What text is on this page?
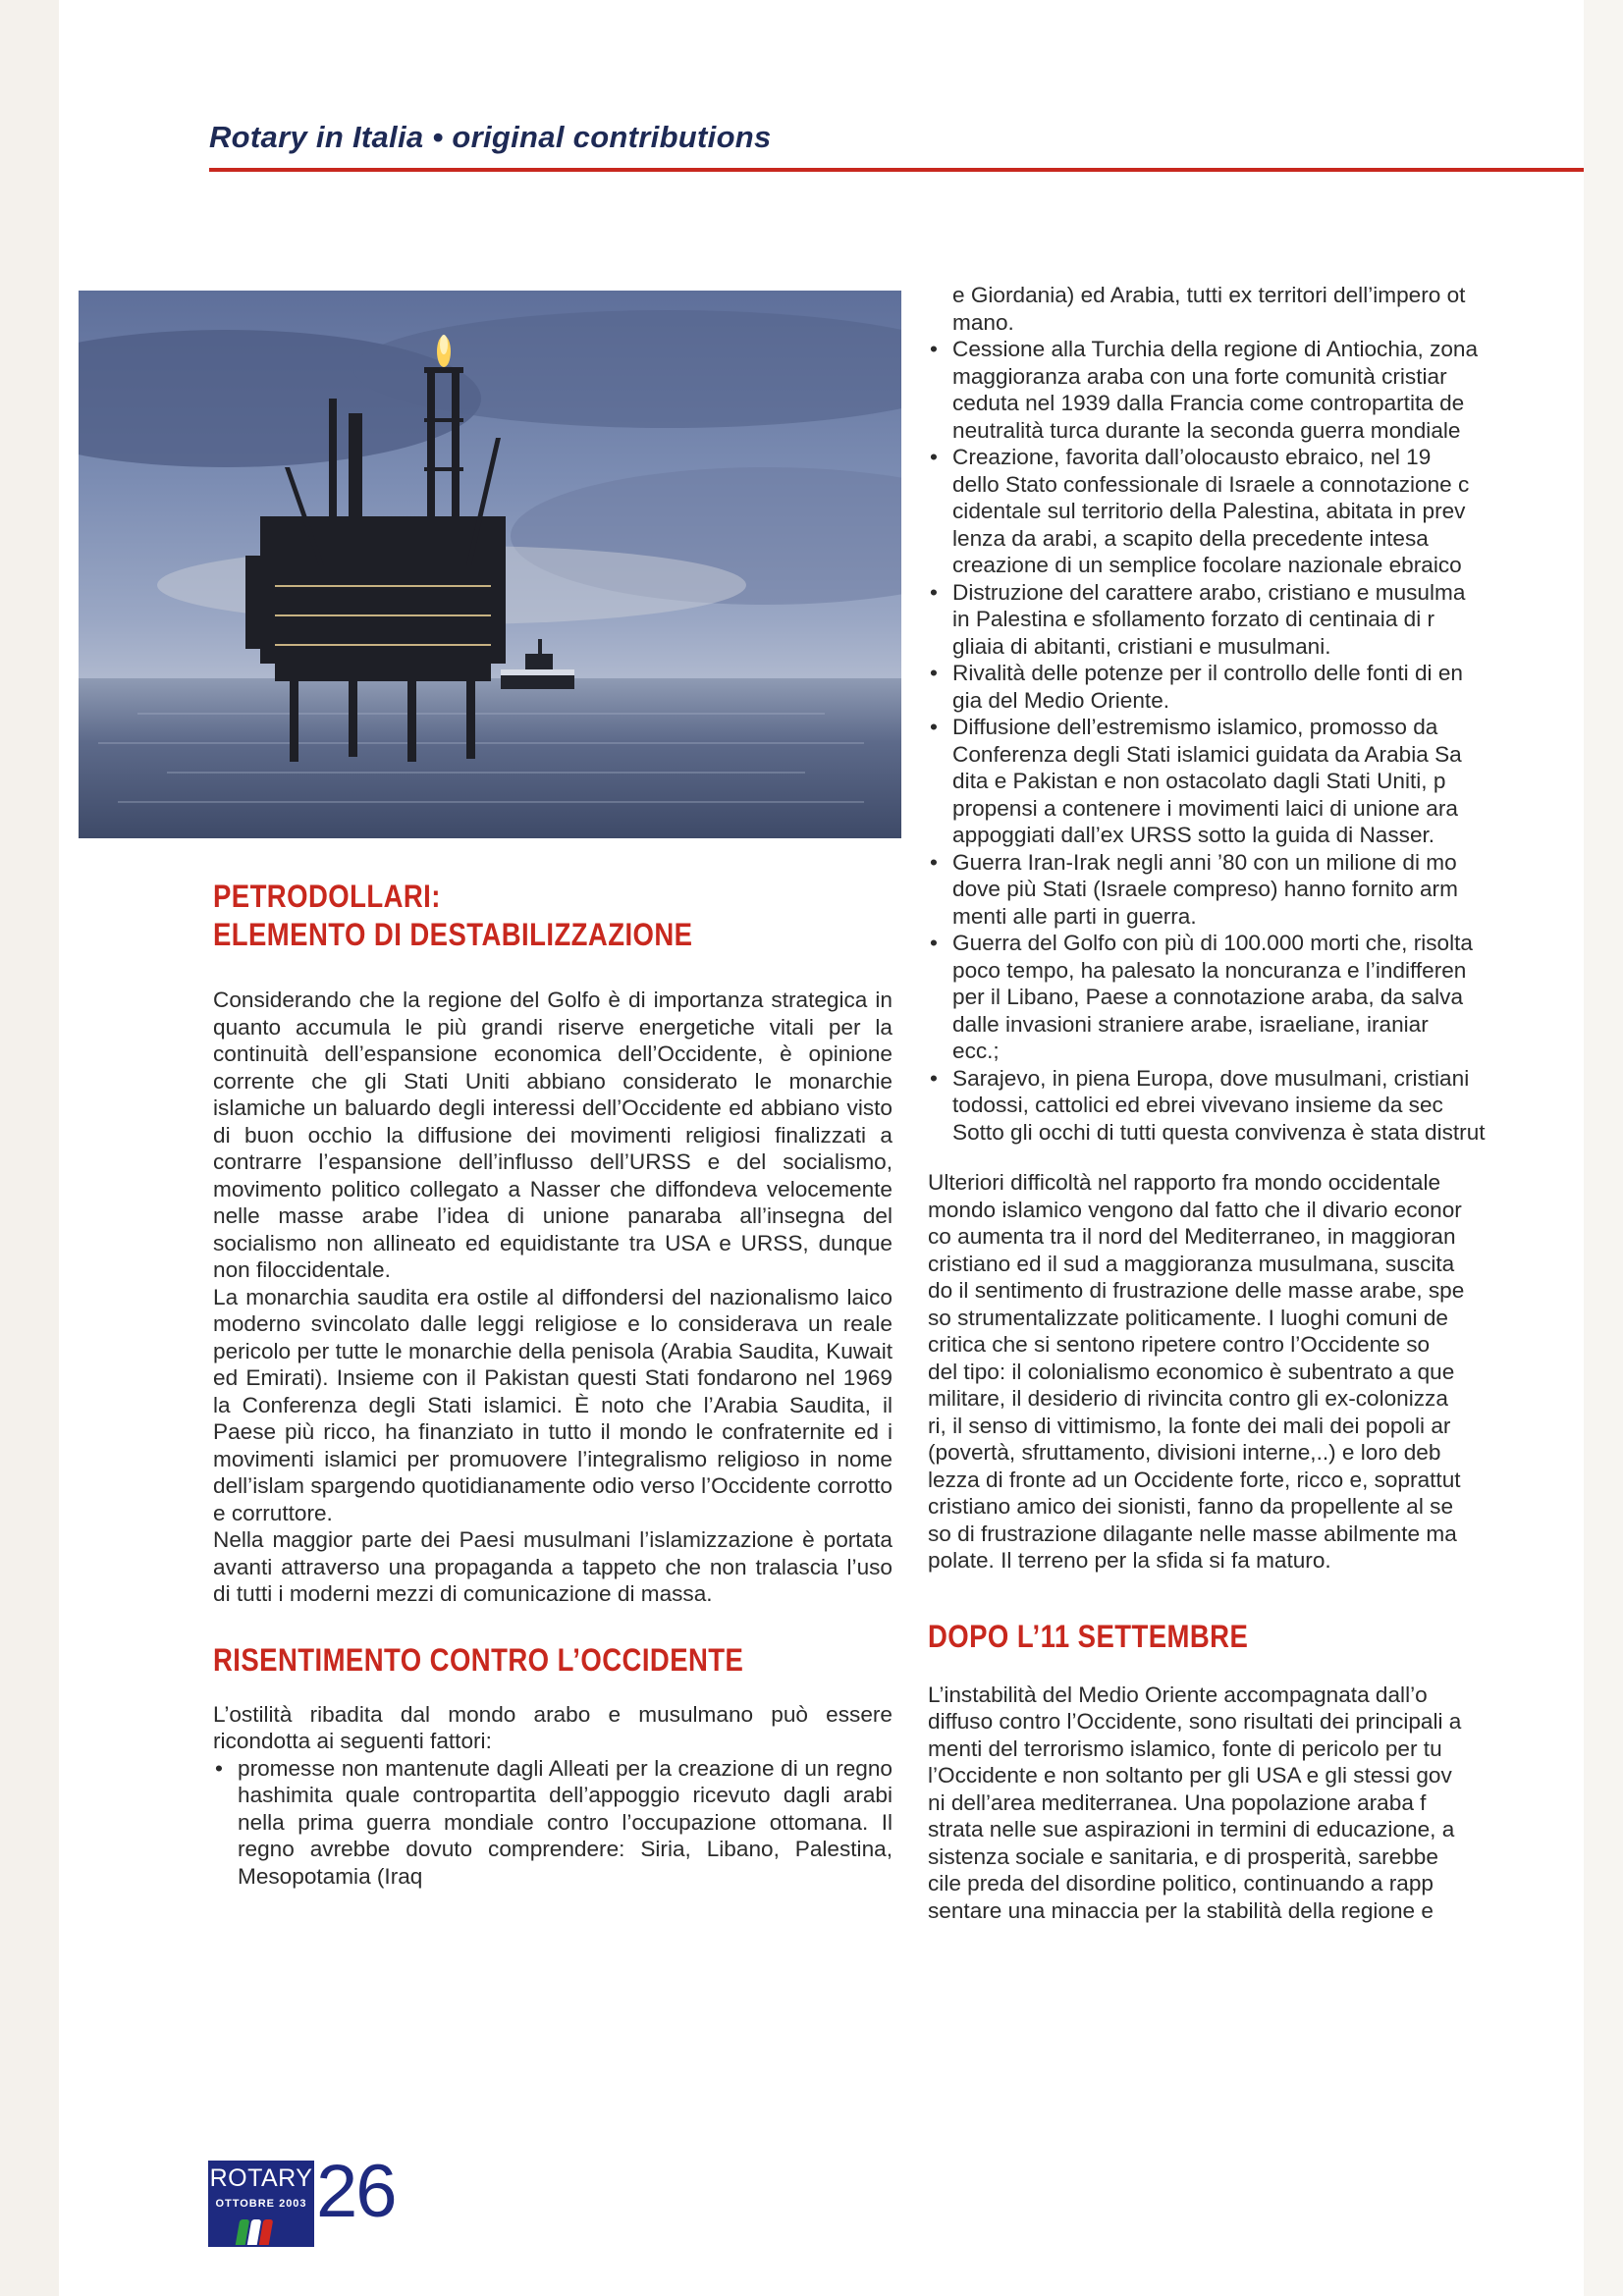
Rotary in Italia • original contributions
PETRODOLLARI:
ELEMENTO DI DESTABILIZZAZIONE

Considerando che la regione del Golfo è di importanza strategica in quanto accumula le più grandi riserve energetiche vitali per la continuità dell’espansione economica dell’Occidente, è opinione corrente che gli Stati Uniti abbiano considerato le monarchie islamiche un baluardo degli interessi dell’Occidente ed abbiano visto di buon occhio la diffusione dei movimenti religiosi finalizzati a contrarre l’espansione dell’influsso dell’URSS e del socialismo, movimento politico collegato a Nasser che diffondeva velocemente nelle masse arabe l’idea di unione panaraba all’insegna del socialismo non allineato ed equidistante tra USA e URSS, dunque non filoccidentale.

La monarchia saudita era ostile al diffondersi del nazionalismo laico moderno svincolato dalle leggi religiose e lo considerava un reale pericolo per tutte le monarchie della penisola (Arabia Saudita, Kuwait ed Emirati). Insieme con il Pakistan questi Stati fondarono nel 1969 la Conferenza degli Stati islamici. È noto che l’Arabia Saudita, il Paese più ricco, ha finanziato in tutto il mondo le confraternite ed i movimenti islamici per promuovere l’integralismo religioso in nome dell’islam spargendo quotidianamente odio verso l’Occidente corrotto e corruttore.

Nella maggior parte dei Paesi musulmani l’islamizzazione è portata avanti attraverso una propaganda a tappeto che non tralascia l’uso di tutti i moderni mezzi di comunicazione di massa.

RISENTIMENTO CONTRO L’OCCIDENTE

L’ostilità ribadita dal mondo arabo e musulmano può essere ricondotta ai seguenti fattori:

• promesse non mantenute dagli Alleati per la creazione di un regno hashimita quale contropartita dell’appoggio ricevuto dagli arabi nella prima guerra mondiale contro l’occupazione ottomana. Il regno avrebbe dovuto comprendere: Siria, Libano, Palestina, Mesopotamia (Iraq

e Giordania) ed Arabia, tutti ex territori dell’impero ot

mano.

• Cessione alla Turchia della regione di Antiochia, zona
maggioranza araba con una forte comunità cristiar
ceduta nel 1939 dalla Francia come contropartita de
neutralità turca durante la seconda guerra mondiale
• Creazione, favorita dall’olocausto ebraico, nel 19
dello Stato confessionale di Israele a connotazione c
cidentale sul territorio della Palestina, abitata in prev
lenza da arabi, a scapito della precedente intesa
creazione di un semplice focolare nazionale ebraico
• Distruzione del carattere arabo, cristiano e musulma
in Palestina e sfollamento forzato di centinaia di r
gliaia di abitanti, cristiani e musulmani.
• Rivalità delle potenze per il controllo delle fonti di en
gia del Medio Oriente.
• Diffusione dell’estremismo islamico, promosso da
Conferenza degli Stati islamici guidata da Arabia Sa
dita e Pakistan e non ostacolato dagli Stati Uniti, p
propensi a contenere i movimenti laici di unione ara
appoggiati dall’ex URSS sotto la guida di Nasser.
• Guerra Iran-Irak negli anni ’80 con un milione di mo
dove più Stati (Israele compreso) hanno fornito arm
menti alle parti in guerra.
• Guerra del Golfo con più di 100.000 morti che, risolta
poco tempo, ha palesato la noncuranza e l’indifferen
per il Libano, Paese a connotazione araba, da salva
dalle invasioni straniere arabe, israeliane, iraniar
ecc.;
• Sarajevo, in piena Europa, dove musulmani, cristiani
todossi, cattolici ed ebrei vivevano insieme da sec
Sotto gli occhi di tutti questa convivenza è stata distrut

Ulteriori difficoltà nel rapporto fra mondo occidentale

mondo islamico vengono dal fatto che il divario econor

co aumenta tra il nord del Mediterraneo, in maggioran

cristiano ed il sud a maggioranza musulmana, suscita

do il sentimento di frustrazione delle masse arabe, spe

so strumentalizzate politicamente. I luoghi comuni de

critica che si sentono ripetere contro l’Occidente so

del tipo: il colonialismo economico è subentrato a que

militare, il desiderio di rivincita contro gli ex-colonizza

ri, il senso di vittimismo, la fonte dei mali dei popoli ar

(povertà, sfruttamento, divisioni interne,..) e loro deb

lezza di fronte ad un Occidente forte, ricco e, soprattut

cristiano amico dei sionisti, fanno da propellente al se

so di frustrazione dilagante nelle masse abilmente ma

polate. Il terreno per la sfida si fa maturo.

DOPO L’11 SETTEMBRE

L’instabilità del Medio Oriente accompagnata dall’o

diffuso contro l’Occidente, sono risultati dei principali a

menti del terrorismo islamico, fonte di pericolo per tu

l’Occidente e non soltanto per gli USA e gli stessi gov

ni dell’area mediterranea. Una popolazione araba f

strata nelle sue aspirazioni in termini di educazione, a

sistenza sociale e sanitaria, e di prosperità, sarebbe

cile preda del disordine politico, continuando a rapp

sentare una minaccia per la stabilità della regione e

ROTARY
OTTOBRE 2003 26
